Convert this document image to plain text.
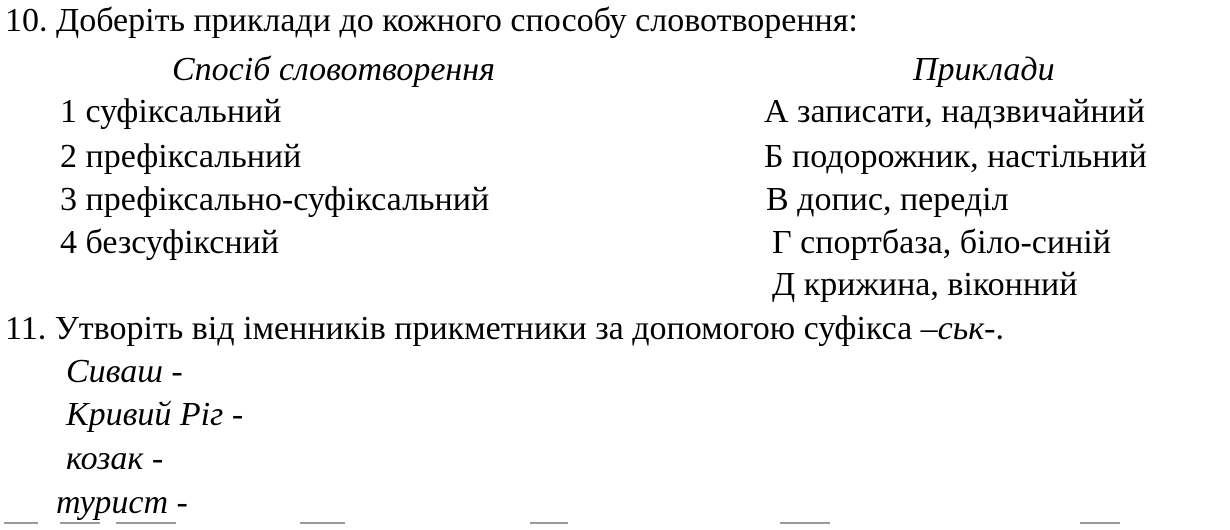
10. Доберіть приклади до кожного способу словотворення:
Спосіб словотворення	Приклади
1 суфіксальний
2 префіксальний
3 префіксально-суфіксальний
4 безсуфіксний
А записати, надзвичайний
Б подорожник, настільний
В допис, переділ
Г спортбаза, біло-синій
Д крижина, віконний
11. Утворіть від іменників прикметники за допомогою суфікса –ськ-.
Сиваш -
Кривий Ріг -
козак -
турист -
